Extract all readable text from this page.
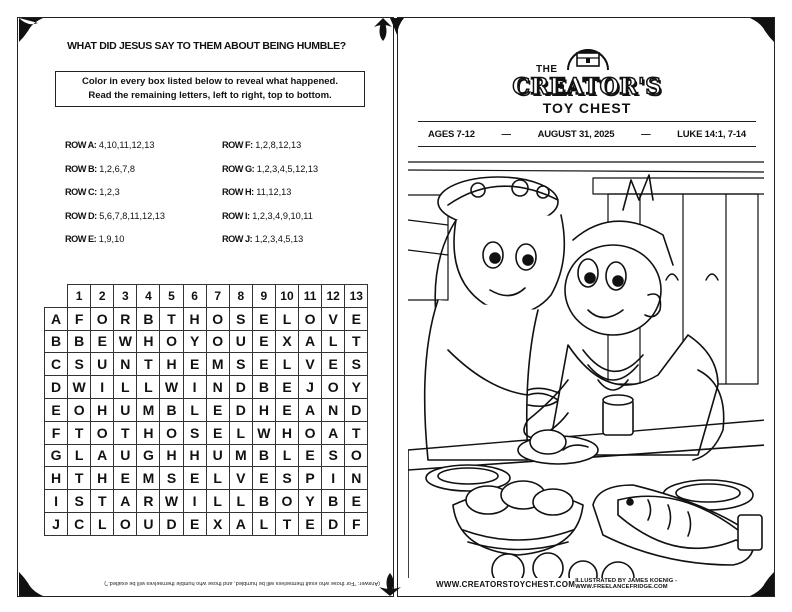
WHAT DID JESUS SAY TO THEM ABOUT BEING HUMBLE?
Color in every box listed below to reveal what happened.
Read the remaining letters, left to right, top to bottom.
ROW A: 4,10,11,12,13
ROW B: 1,2,6,7,8
ROW C: 1,2,3
ROW D: 5,6,7,8,11,12,13
ROW E: 1,9,10
ROW F: 1,2,8,12,13
ROW G: 1,2,3,4,5,12,13
ROW H: 11,12,13
ROW I: 1,2,3,4,9,10,11
ROW J: 1,2,3,4,5,13
	1	2	3	4	5	6	7	8	9	10	11	12	13
A	F	O	R	B	T	H	O	S	E	L	O	V	E
B	B	E	W	H	O	Y	O	U	E	X	A	L	T
C	S	U	N	T	H	E	M	S	E	L	V	E	S
D	W	I	L	L	W	I	N	D	B	E	J	O	Y
E	O	H	U	M	B	L	E	D	H	E	A	N	D
F	T	O	T	H	O	S	E	L	W	H	O	A	T
G	L	A	U	G	H	H	U	M	B	L	E	S	O
H	T	H	E	M	S	E	L	V	E	S	P	I	N
I	S	T	A	R	W	I	L	L	B	O	Y	B	E
J	C	L	O	U	D	E	X	A	L	T	E	D	F
(Answer: "For those who exalt themselves will be humbled, and those who humble themselves will be exalted.")
THE
CREATOR'S
TOY CHEST
AGES 7-12	—	AUGUST 31, 2025	—	LUKE 14:1, 7-14
WWW.CREATORSTOYCHEST.COM ILLUSTRATED BY JAMES KOENIG - WWW.FREELANCEFRIDGE.COM
